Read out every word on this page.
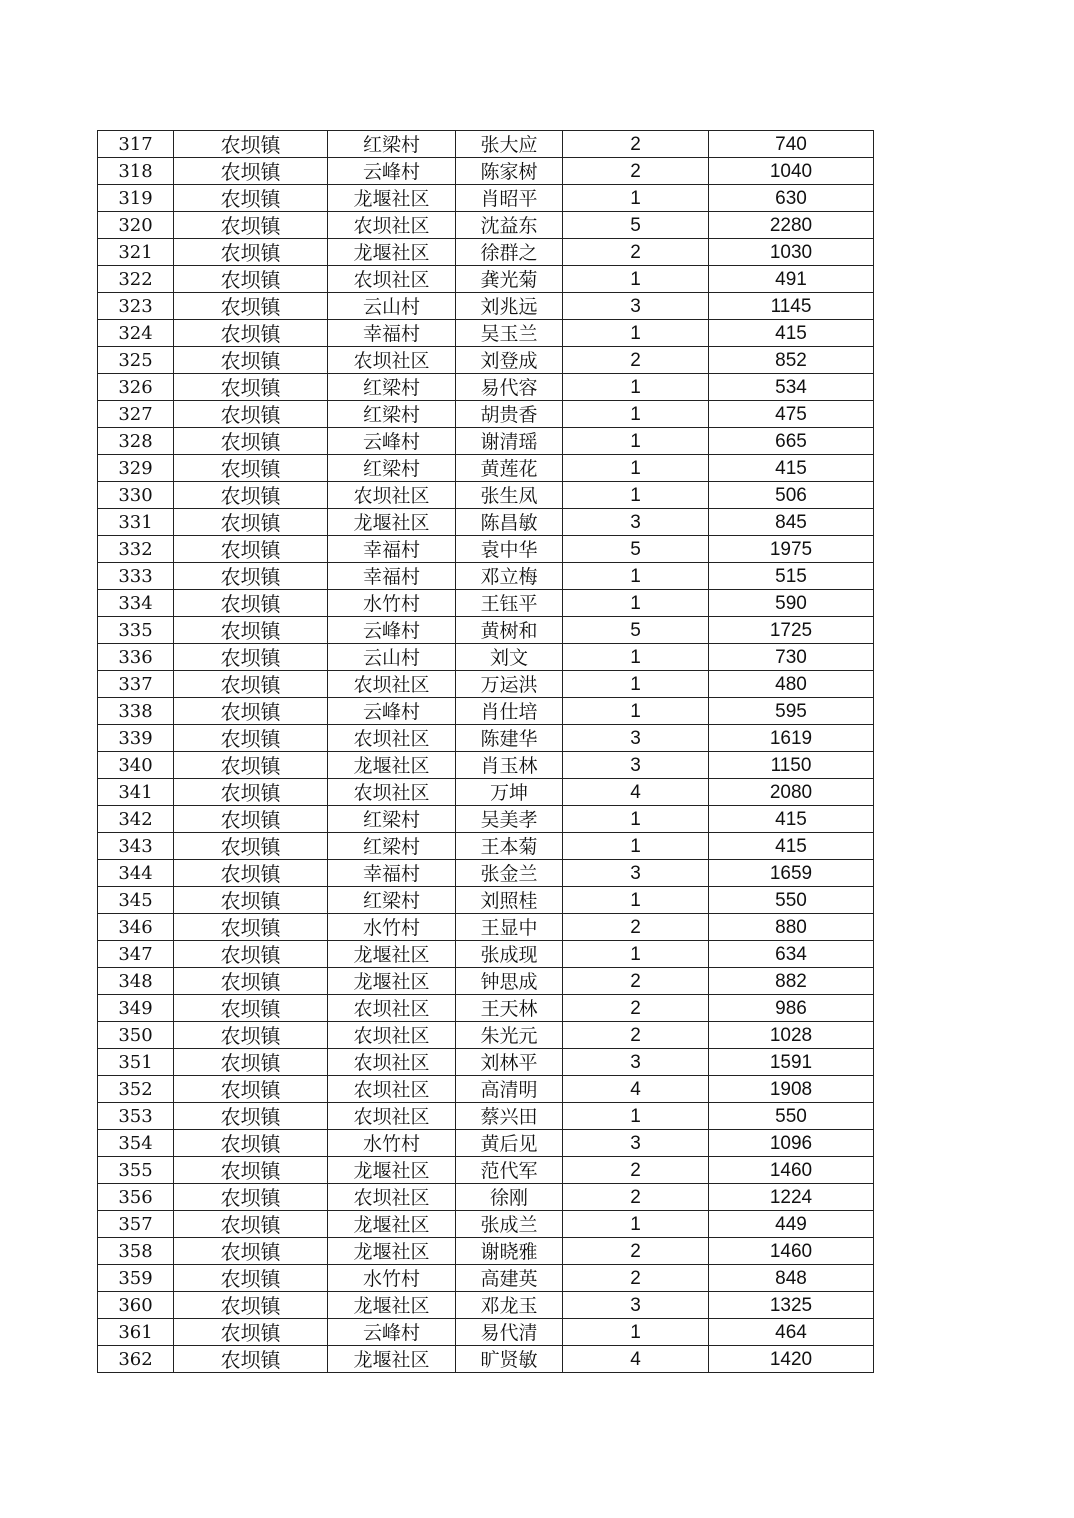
317	农坝镇	红梁村	张大应	2	740
318	农坝镇	云峰村	陈家树	2	1040
319	农坝镇	龙堰社区	肖昭平	1	630
320	农坝镇	农坝社区	沈益东	5	2280
321	农坝镇	龙堰社区	徐群之	2	1030
322	农坝镇	农坝社区	龚光菊	1	491
323	农坝镇	云山村	刘兆远	3	1145
324	农坝镇	幸福村	吴玉兰	1	415
325	农坝镇	农坝社区	刘登成	2	852
326	农坝镇	红梁村	易代容	1	534
327	农坝镇	红梁村	胡贵香	1	475
328	农坝镇	云峰村	谢清瑶	1	665
329	农坝镇	红梁村	黄莲花	1	415
330	农坝镇	农坝社区	张生凤	1	506
331	农坝镇	龙堰社区	陈昌敏	3	845
332	农坝镇	幸福村	袁中华	5	1975
333	农坝镇	幸福村	邓立梅	1	515
334	农坝镇	水竹村	王钰平	1	590
335	农坝镇	云峰村	黄树和	5	1725
336	农坝镇	云山村	刘文	1	730
337	农坝镇	农坝社区	万运洪	1	480
338	农坝镇	云峰村	肖仕培	1	595
339	农坝镇	农坝社区	陈建华	3	1619
340	农坝镇	龙堰社区	肖玉林	3	1150
341	农坝镇	农坝社区	万坤	4	2080
342	农坝镇	红梁村	吴美孝	1	415
343	农坝镇	红梁村	王本菊	1	415
344	农坝镇	幸福村	张金兰	3	1659
345	农坝镇	红梁村	刘照桂	1	550
346	农坝镇	水竹村	王显中	2	880
347	农坝镇	龙堰社区	张成现	1	634
348	农坝镇	龙堰社区	钟思成	2	882
349	农坝镇	农坝社区	王天林	2	986
350	农坝镇	农坝社区	朱光元	2	1028
351	农坝镇	农坝社区	刘林平	3	1591
352	农坝镇	农坝社区	高清明	4	1908
353	农坝镇	农坝社区	蔡兴田	1	550
354	农坝镇	水竹村	黄后见	3	1096
355	农坝镇	龙堰社区	范代军	2	1460
356	农坝镇	农坝社区	徐刚	2	1224
357	农坝镇	龙堰社区	张成兰	1	449
358	农坝镇	龙堰社区	谢晓雅	2	1460
359	农坝镇	水竹村	高建英	2	848
360	农坝镇	龙堰社区	邓龙玉	3	1325
361	农坝镇	云峰村	易代清	1	464
362	农坝镇	龙堰社区	旷贤敏	4	1420
